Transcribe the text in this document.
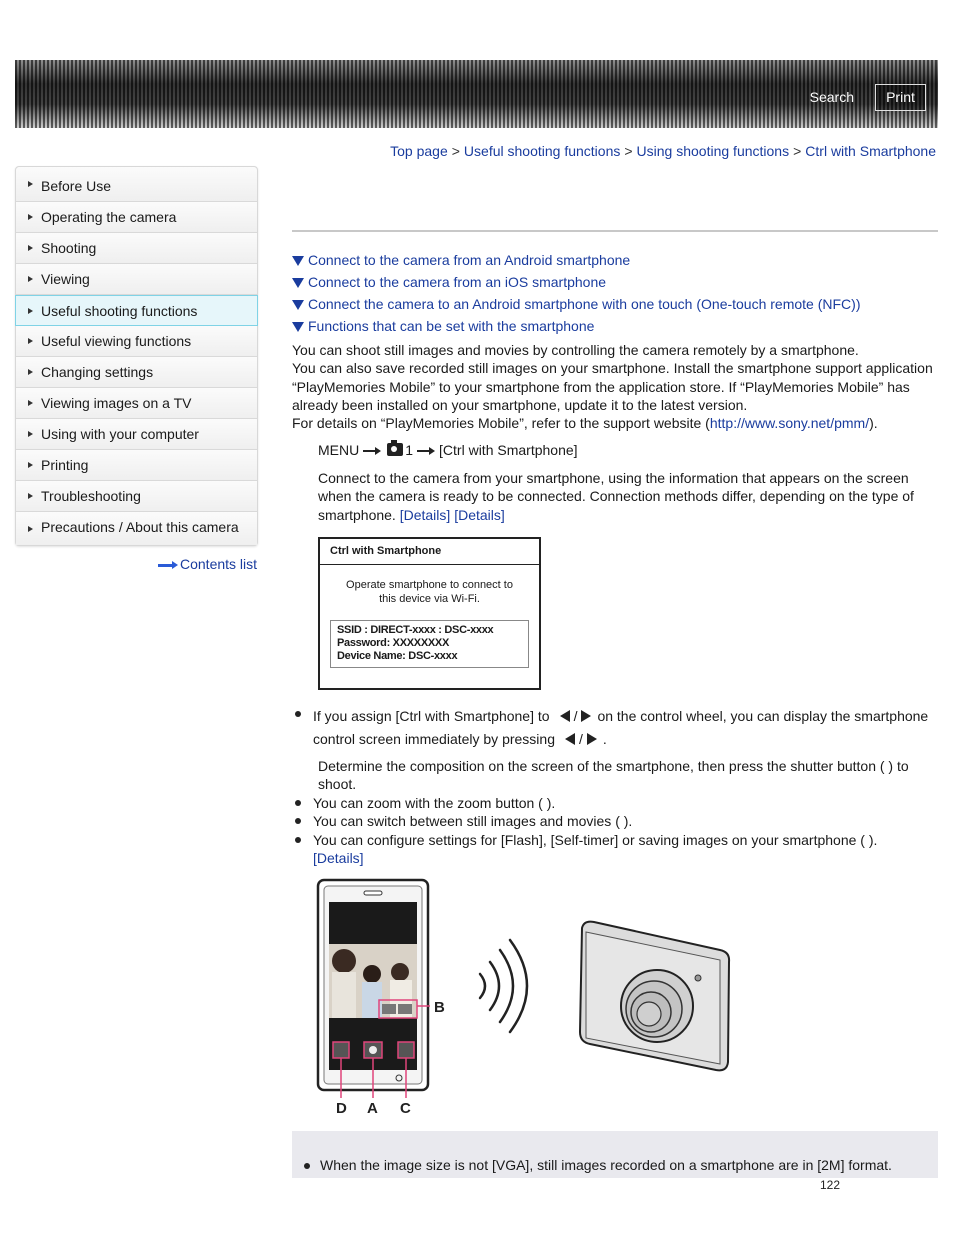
Search	Print
Top page > Useful shooting functions > Using shooting functions > Ctrl with Smartphone
Before Use
Operating the camera
Shooting
Viewing
Useful shooting functions
Useful viewing functions
Changing settings
Viewing images on a TV
Using with your computer
Printing
Troubleshooting
Precautions / About this camera
Contents list
Connect to the camera from an Android smartphone
Connect to the camera from an iOS smartphone
Connect the camera to an Android smartphone with one touch (One-touch remote (NFC))
Functions that can be set with the smartphone
You can shoot still images and movies by controlling the camera remotely by a smartphone.
You can also save recorded still images on your smartphone. Install the smartphone support application “PlayMemories Mobile” to your smartphone from the application store. If “PlayMemories Mobile” has already been installed on your smartphone, update it to the latest version.
For details on “PlayMemories Mobile”, refer to the support website (http://www.sony.net/pmm/).
MENU	1 [Ctrl with Smartphone]
Connect to the camera from your smartphone, using the information that appears on the screen when the camera is ready to be connected. Connection methods differ, depending on the type of smartphone. [Details] [Details]
Ctrl with Smartphone
Operate smartphone to connect to
this device via Wi-Fi.
SSID : DIRECT-xxxx : DSC-xxxx
Password: XXXXXXXX
Device Name: DSC-xxxx
If you assign [Ctrl with Smartphone] to / on the control wheel, you can display the smartphone control screen immediately by pressing / .
Determine the composition on the screen of the smartphone, then press the shutter button ( ) to shoot.
You can zoom with the zoom button ( ).
You can switch between still images and movies ( ).
You can configure settings for [Flash], [Self-timer] or saving images on your smartphone ( ).
[Details]
B
D A C
When the image size is not [VGA], still images recorded on a smartphone are in [2M] format.
122
